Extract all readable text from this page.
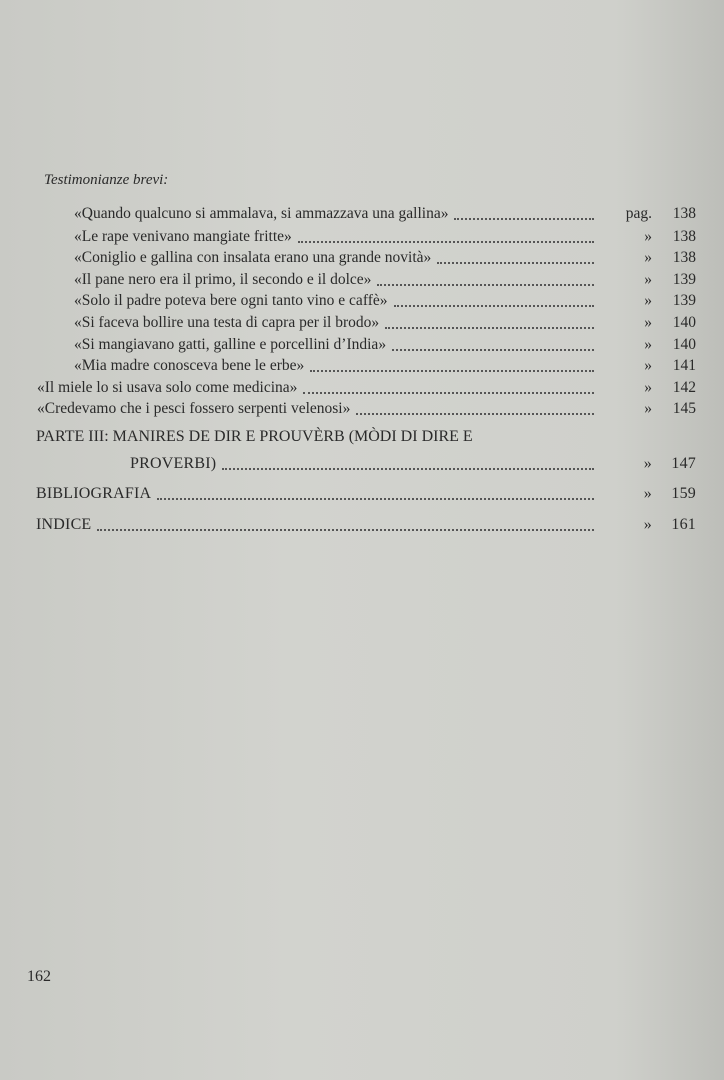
Testimonianze brevi:
«Quando qualcuno si ammalava, si ammazzava una gallina»	pag.	138
«Le rape venivano mangiate fritte»	»	138
«Coniglio e gallina con insalata erano una grande novità»	»	138
«Il pane nero era il primo, il secondo e il dolce»	»	139
«Solo il padre poteva bere ogni tanto vino e caffè»	»	139
«Si faceva bollire una testa di capra per il brodo»	»	140
«Si mangiavano gatti, galline e porcellini d’India»	»	140
«Mia madre conosceva bene le erbe»	»	141
«Il miele lo si usava solo come medicina»	»	142
«Credevamo che i pesci fossero serpenti velenosi»	»	145
PARTE III: MANIRES DE DIR E PROUVÈRB (MÒDI DI DIRE E
PROVERBI)	»	147
BIBLIOGRAFIA	»	159
INDICE	»	161
162
